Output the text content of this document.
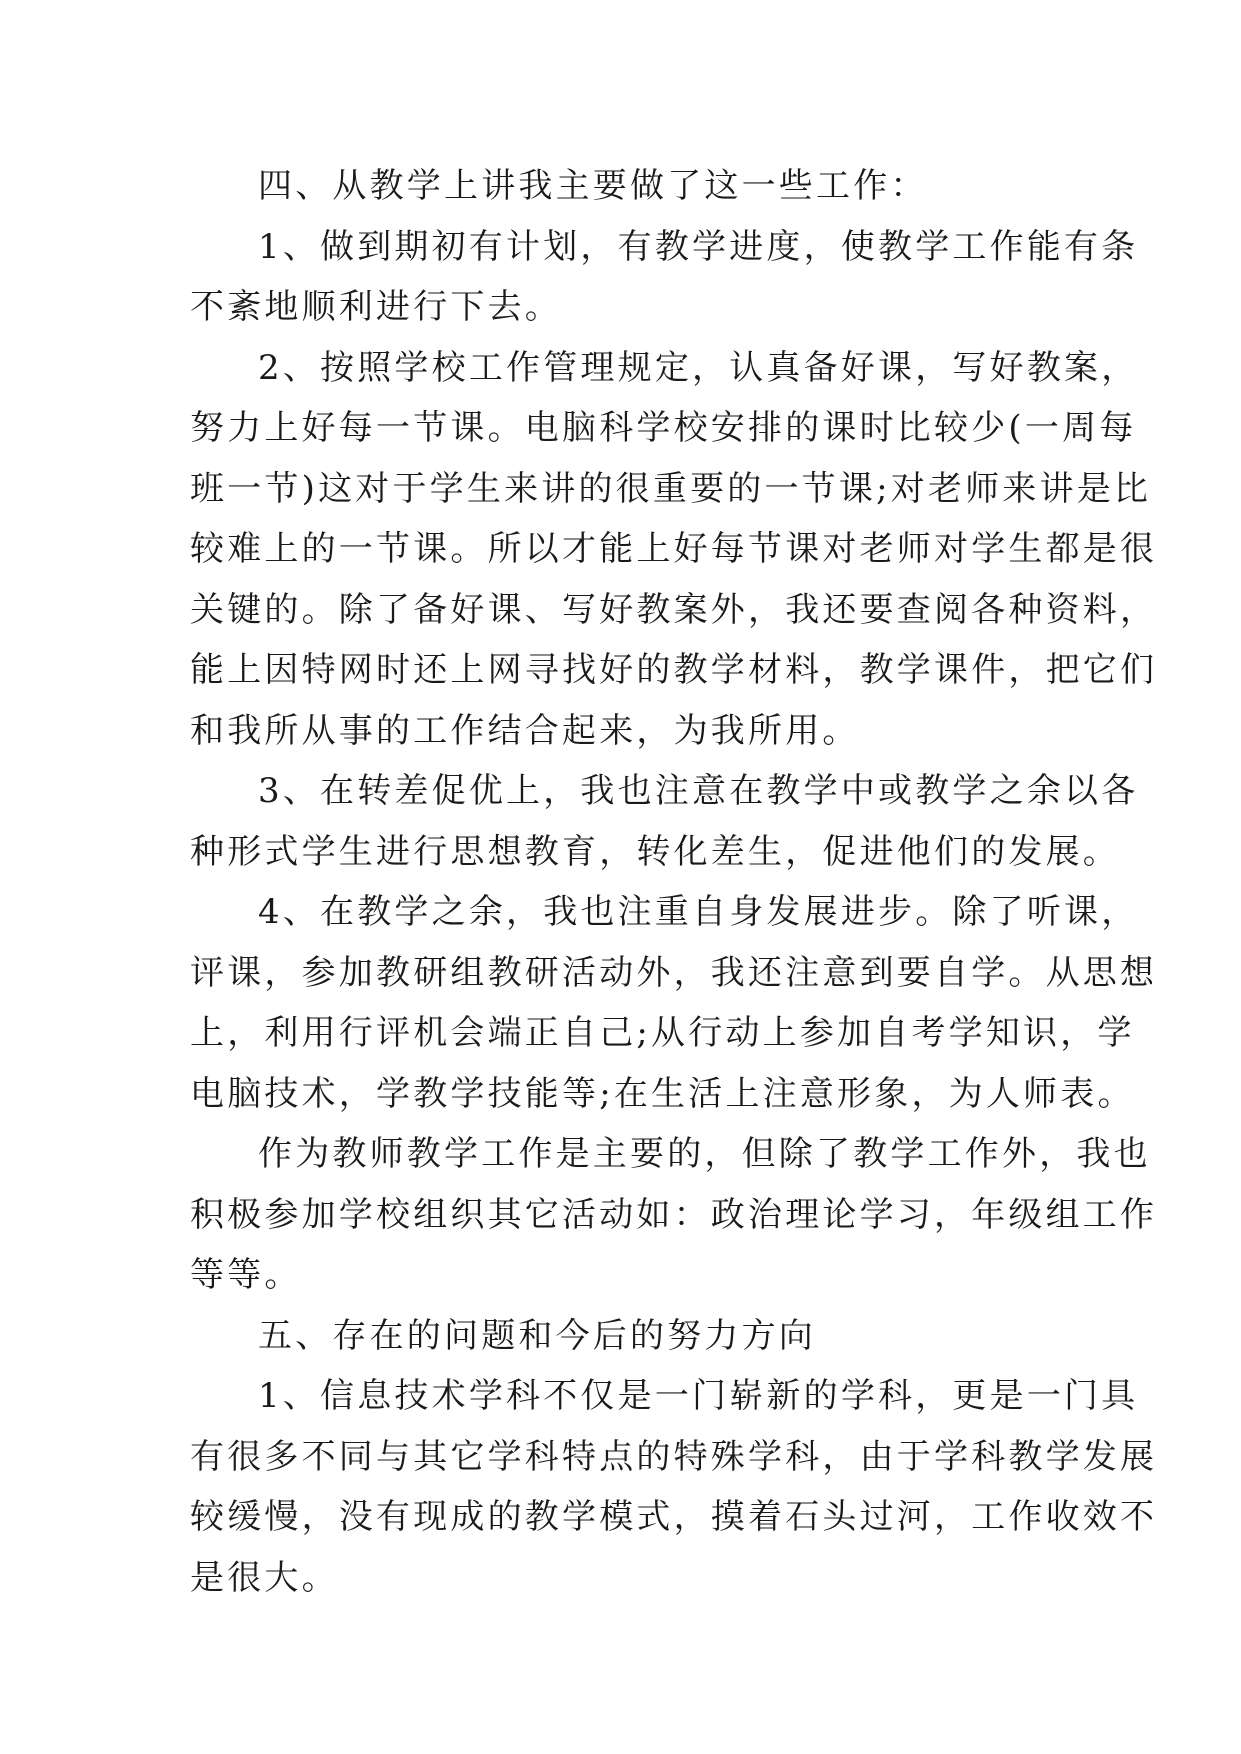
四、从教学上讲我主要做了这一些工作：
1、做到期初有计划，有教学进度，使教学工作能有条
不紊地顺利进行下去。
2、按照学校工作管理规定，认真备好课，写好教案，
努力上好每一节课。电脑科学校安排的课时比较少(一周每
班一节)这对于学生来讲的很重要的一节课;对老师来讲是比
较难上的一节课。所以才能上好每节课对老师对学生都是很
关键的。除了备好课、写好教案外，我还要查阅各种资料，
能上因特网时还上网寻找好的教学材料，教学课件，把它们
和我所从事的工作结合起来，为我所用。
3、在转差促优上，我也注意在教学中或教学之余以各
种形式学生进行思想教育，转化差生，促进他们的发展。
4、在教学之余，我也注重自身发展进步。除了听课，
评课，参加教研组教研活动外，我还注意到要自学。从思想
上，利用行评机会端正自己;从行动上参加自考学知识，学
电脑技术，学教学技能等;在生活上注意形象，为人师表。
作为教师教学工作是主要的，但除了教学工作外，我也
积极参加学校组织其它活动如：政治理论学习，年级组工作
等等。
五、存在的问题和今后的努力方向
1、信息技术学科不仅是一门崭新的学科，更是一门具
有很多不同与其它学科特点的特殊学科，由于学科教学发展
较缓慢，没有现成的教学模式，摸着石头过河，工作收效不
是很大。
